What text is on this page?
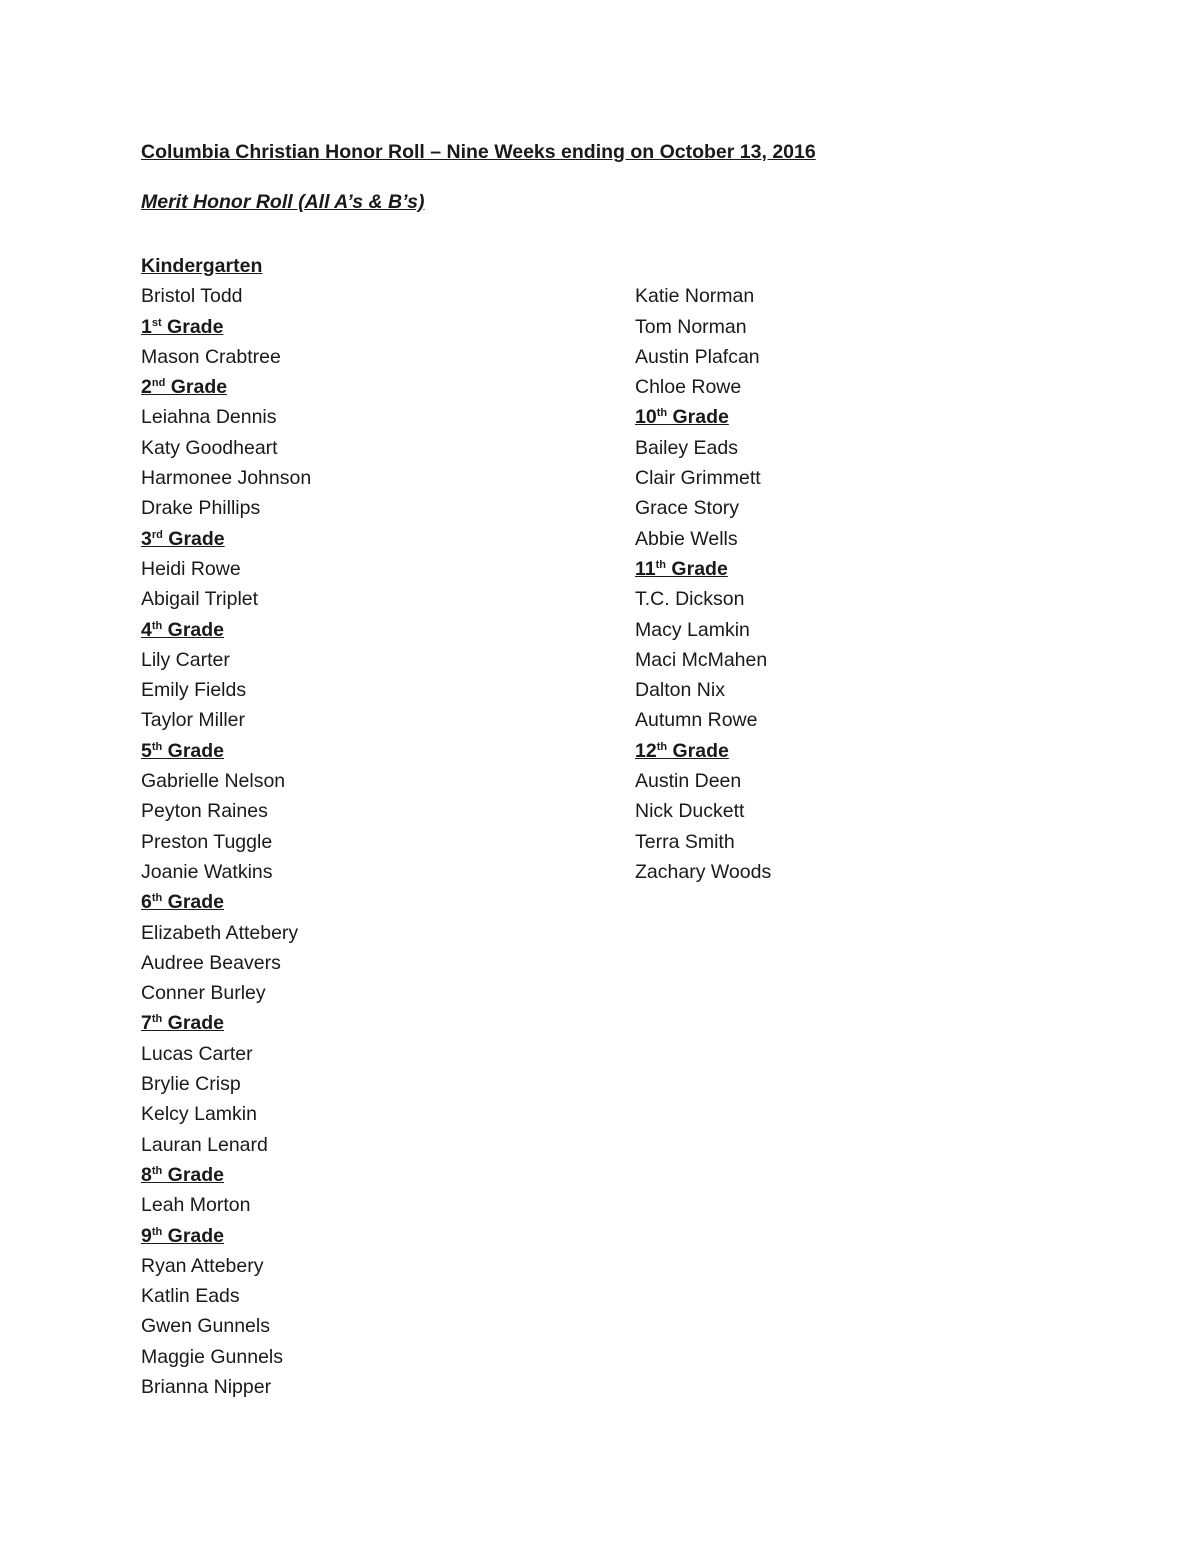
Columbia Christian Honor Roll – Nine Weeks ending on October 13, 2016
Merit Honor Roll (All A’s & B’s)
Kindergarten
Bristol Todd
1st Grade
Mason Crabtree
2nd Grade
Leiahna Dennis
Katy Goodheart
Harmonee Johnson
Drake Phillips
3rd Grade
Heidi Rowe
Abigail Triplet
4th Grade
Lily Carter
Emily Fields
Taylor Miller
5th Grade
Gabrielle Nelson
Peyton Raines
Preston Tuggle
Joanie Watkins
6th Grade
Elizabeth Attebery
Audree Beavers
Conner Burley
7th Grade
Lucas Carter
Brylie Crisp
Kelcy Lamkin
Lauran Lenard
8th Grade
Leah Morton
9th Grade
Ryan Attebery
Katlin Eads
Gwen Gunnels
Maggie Gunnels
Brianna Nipper
Katie Norman
Tom Norman
Austin Plafcan
Chloe Rowe
10th Grade
Bailey Eads
Clair Grimmett
Grace Story
Abbie Wells
11th Grade
T.C. Dickson
Macy Lamkin
Maci McMahen
Dalton Nix
Autumn Rowe
12th Grade
Austin Deen
Nick Duckett
Terra Smith
Zachary Woods
